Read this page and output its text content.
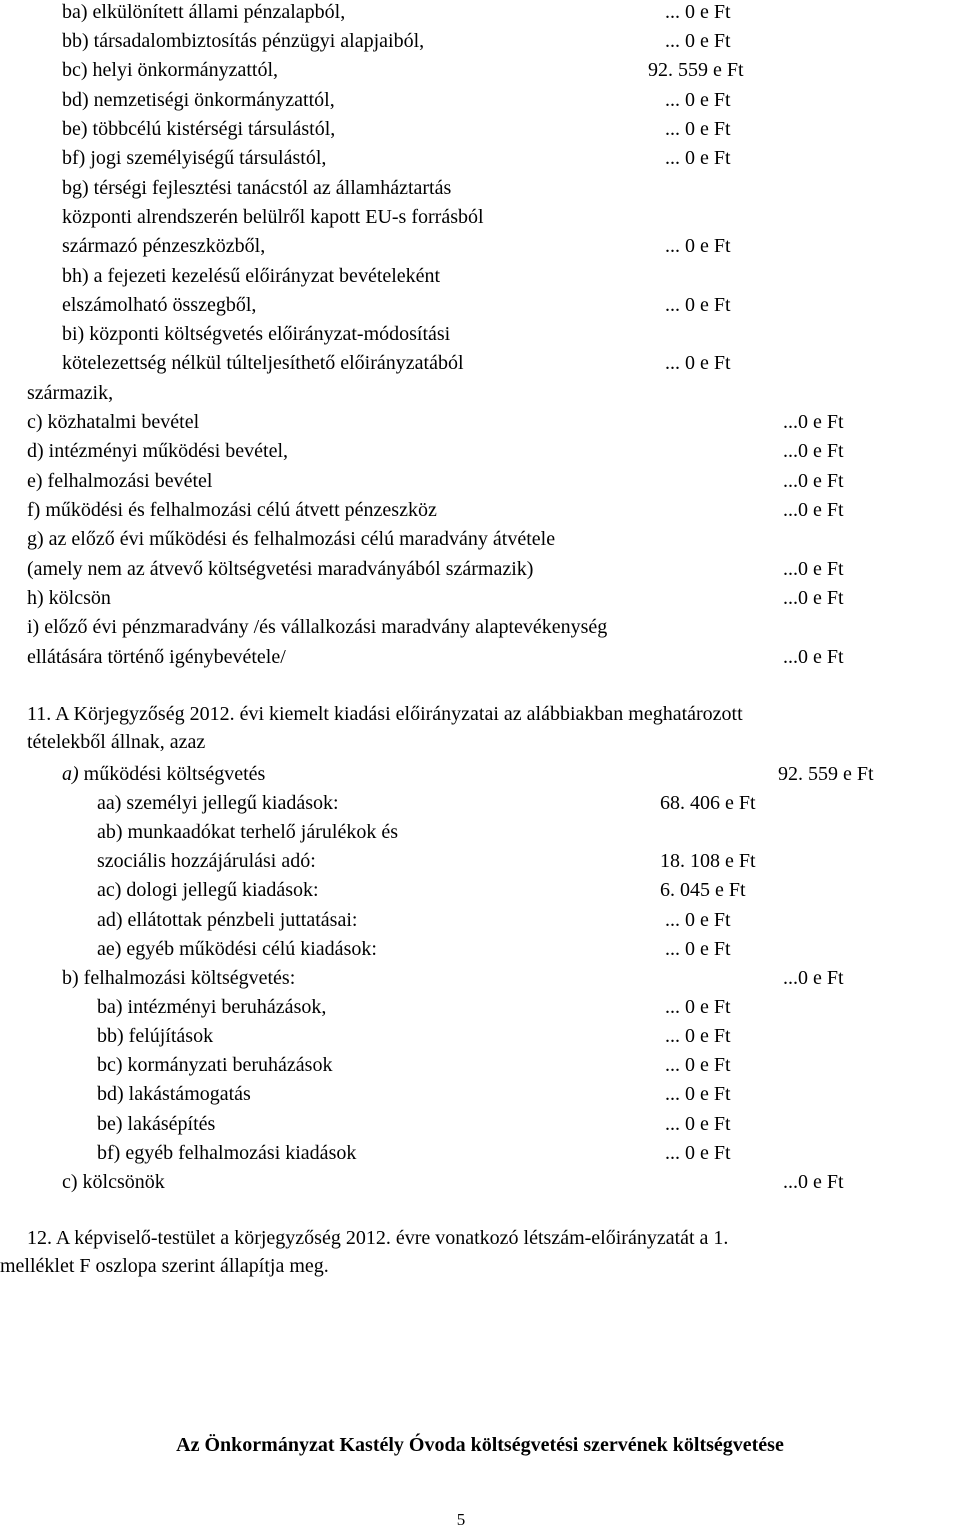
ba) elkülönített állami pénzalapból,	... 0 e Ft
bb) társadalombiztosítás pénzügyi alapjaiból,	... 0 e Ft
bc) helyi önkormányzattól,	92. 559 e Ft
bd) nemzetiségi önkormányzattól,	... 0 e Ft
be) többcélú kistérségi társulástól,	... 0 e Ft
bf) jogi személyiségű társulástól,	... 0 e Ft
bg) térségi fejlesztési tanácstól az államháztartás
központi alrendszerén belülről kapott EU-s forrásból
származó pénzeszközből,	... 0 e Ft
bh) a fejezeti kezelésű előirányzat bevételeként
elszámolható összegből,	... 0 e Ft
bi) központi költségvetés előirányzat-módosítási
kötelezettség nélkül túlteljesíthető előirányzatából	... 0 e Ft
származik,
c) közhatalmi bevétel	...0 e Ft
d) intézményi működési bevétel,	...0 e Ft
e) felhalmozási bevétel	...0 e Ft
f) működési és felhalmozási célú átvett pénzeszköz	...0 e Ft
g) az előző évi működési és felhalmozási célú maradvány átvétele
(amely nem az átvevő költségvetési maradványából származik)	...0 e Ft
h) kölcsön	...0 e Ft
i) előző évi pénzmaradvány /és vállalkozási maradvány alaptevékenység
ellátására történő igénybevétele/	...0 e Ft
11. A Körjegyzőség 2012. évi kiemelt kiadási előirányzatai az alábbiakban meghatározott
tételekből állnak, azaz
a) működési költségvetés	92. 559 e Ft
aa) személyi jellegű kiadások:	68. 406 e Ft
ab) munkaadókat terhelő járulékok és
szociális hozzájárulási adó:	18. 108 e Ft
ac) dologi jellegű kiadások:	6. 045 e Ft
ad) ellátottak pénzbeli juttatásai:	... 0 e Ft
ae) egyéb működési célú kiadások:	... 0 e Ft
b) felhalmozási költségvetés:	...0 e Ft
ba) intézményi beruházások,	... 0 e Ft
bb) felújítások	... 0 e Ft
bc) kormányzati beruházások	... 0 e Ft
bd) lakástámogatás	... 0 e Ft
be) lakásépítés	... 0 e Ft
bf) egyéb felhalmozási kiadások	... 0 e Ft
c) kölcsönök	...0 e Ft
12. A képviselő-testület a körjegyzőség 2012. évre vonatkozó létszám-előirányzatát a 1.
melléklet F oszlopa szerint állapítja meg.
Az Önkormányzat Kastély Óvoda költségvetési szervének költségvetése
5
